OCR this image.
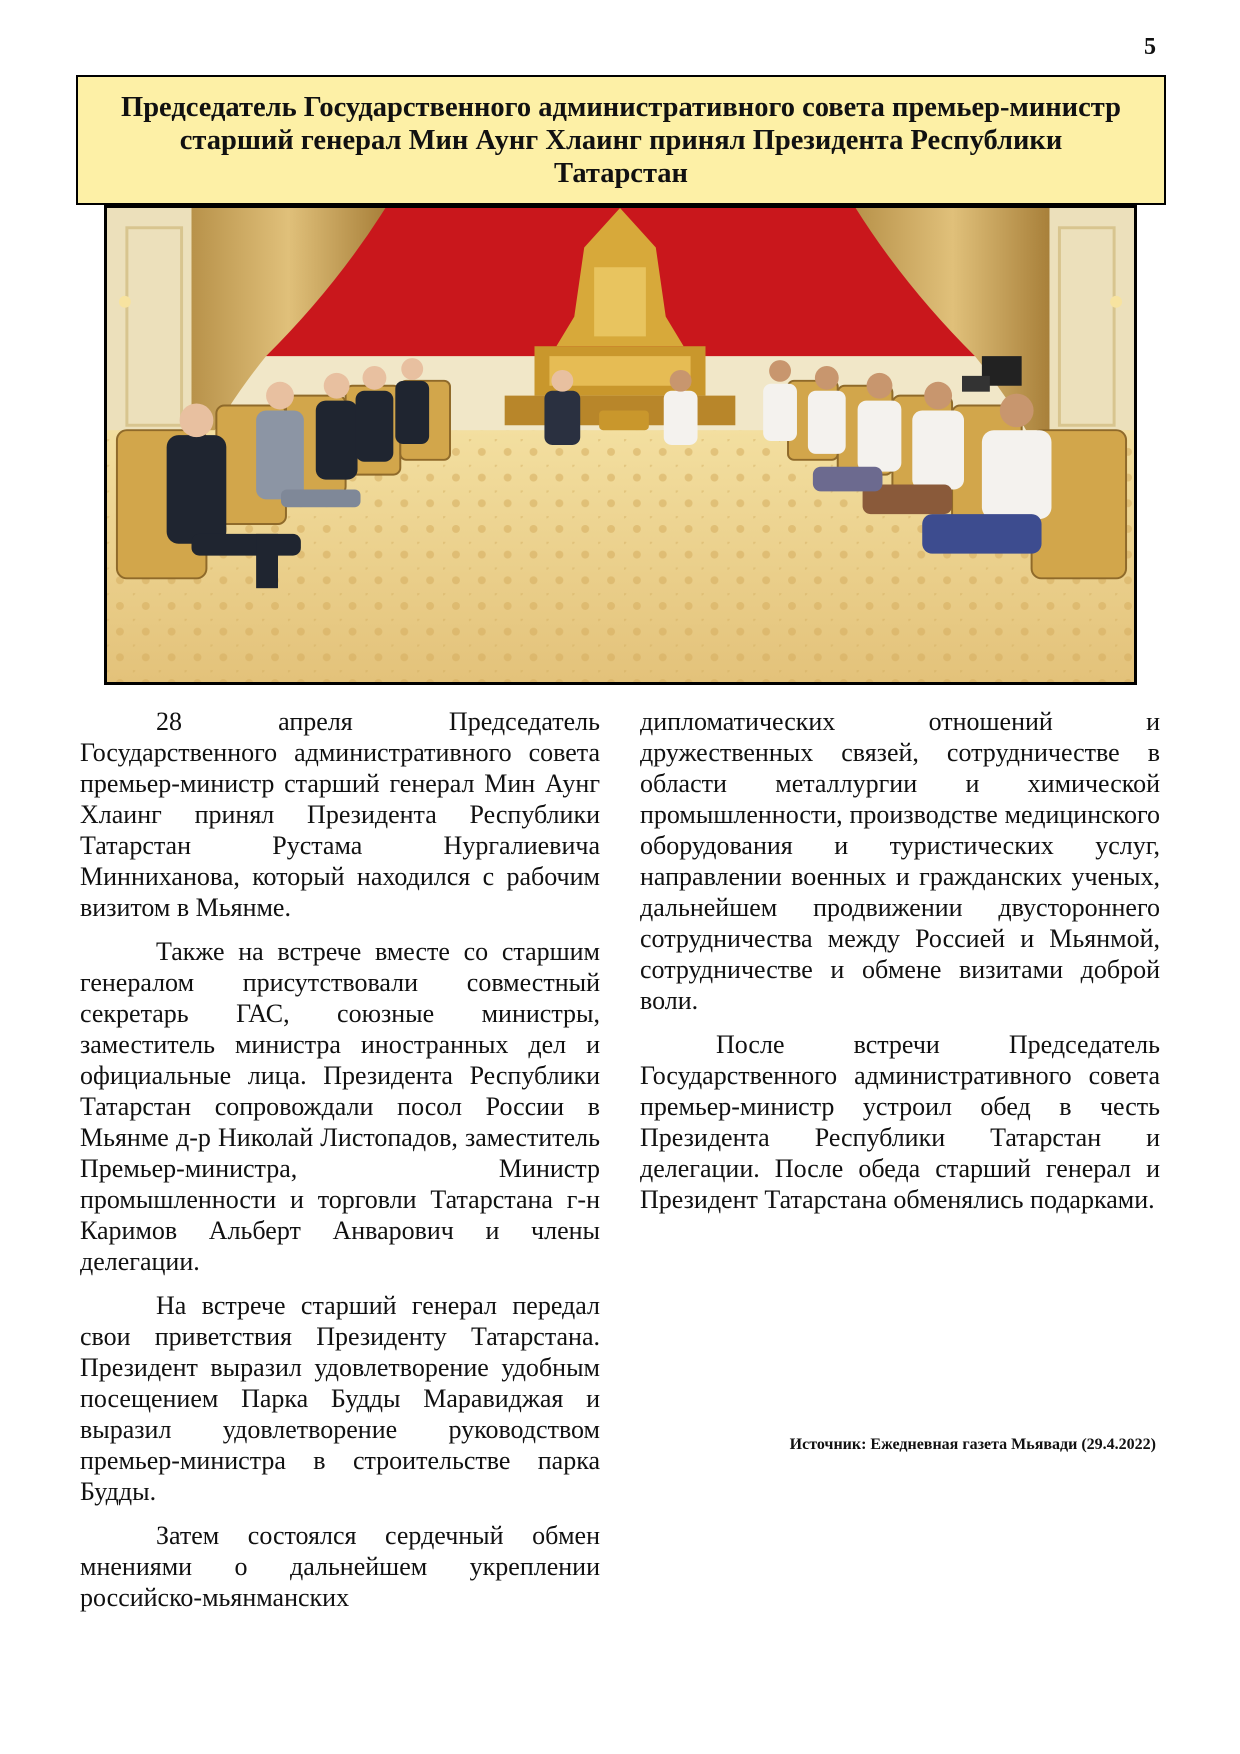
5
Председатель Государственного административного совета премьер-министр старший генерал Мин Аунг Хлаинг принял Президента Республики Татарстан

28 апреля Председатель Государственного административного совета премьер-министр старший генерал Мин Аунг Хлаинг принял Президента Республики Татарстан Рустама Нургалиевича Минниханова, который находился с рабочим визитом в Мьянме.

Также на встрече вместе со старшим генералом присутствовали совместный секретарь ГАС, союзные министры, заместитель министра иностранных дел и официальные лица. Президента Республики Татарстан сопровождали посол России в Мьянме д-р Николай Листопадов, заместитель Премьер-министра, Министр промышленности и торговли Татарстана г-н Каримов Альберт Анварович и члены делегации.

На встрече старший генерал передал свои приветствия Президенту Татарстана. Президент выразил удовлетворение удобным посещением Парка Будды Маравиджая и выразил удовлетворение руководством премьер-министра в строительстве парка Будды.

Затем состоялся сердечный обмен мнениями о дальнейшем укреплении российско-мьянманских

дипломатических отношений и дружественных связей, сотрудничестве в области металлургии и химической промышленности, производстве медицинского оборудования и туристических услуг, направлении военных и гражданских ученых, дальнейшем продвижении двустороннего сотрудничества между Россией и Мьянмой, сотрудничестве и обмене визитами доброй воли.

После встречи Председатель Государственного административного совета премьер-министр устроил обед в честь Президента Республики Татарстан и делегации. После обеда старший генерал и Президент Татарстана обменялись подарками.

Источник: Ежедневная газета Мьявади (29.4.2022)
